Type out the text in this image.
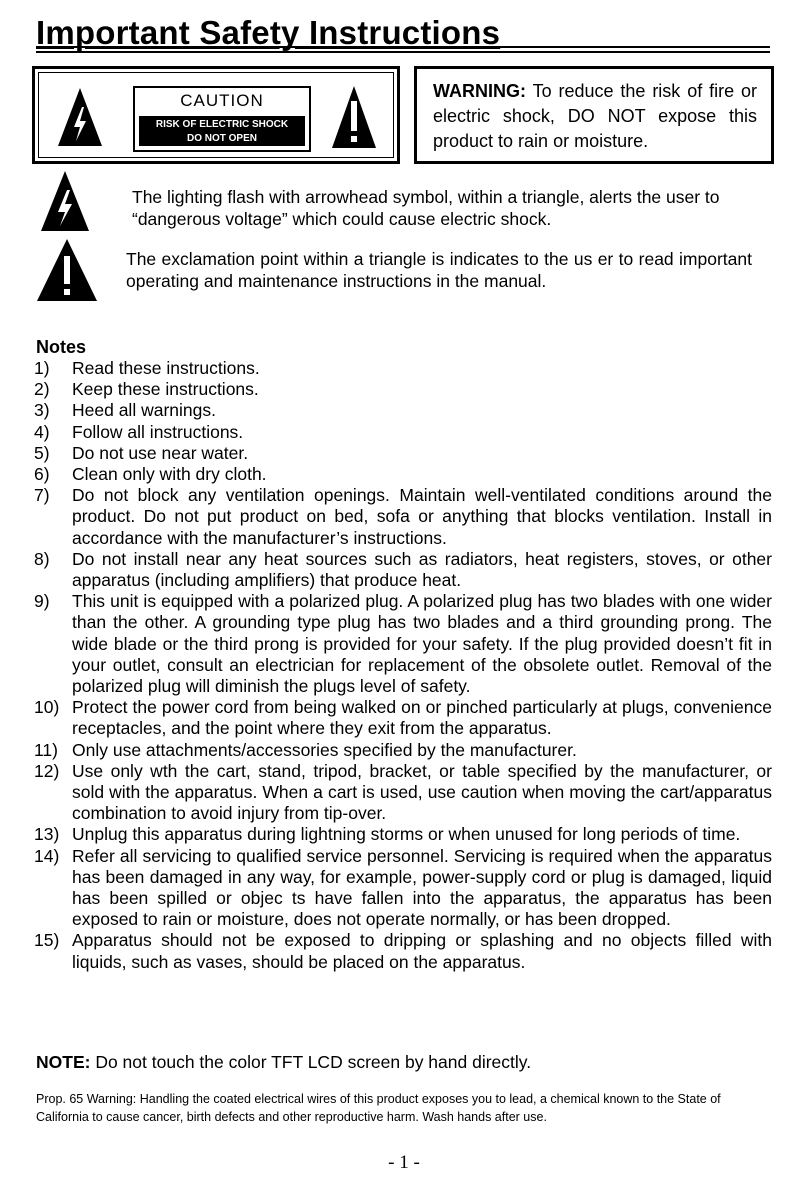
Important Safety Instructions
CAUTION
RISK OF ELECTRIC SHOCK
DO NOT OPEN
WARNING: To reduce the risk of fire or electric shock, DO NOT expose this product to rain or moisture.
The lighting flash with arrowhead symbol, within a triangle, alerts the user to “dangerous voltage” which could cause electric shock.
The exclamation point within a triangle is indicates to the us er to read important operating and maintenance instructions in the manual.
Notes
1)	Read these instructions.
2)	Keep these instructions.
3)	Heed all warnings.
4)	Follow all instructions.
5)	Do not use near water.
6)	Clean only with dry cloth.
7)	Do not block any ventilation openings. Maintain well-ventilated conditions around the product. Do not put product on bed, sofa or anything that blocks ventilation. Install in accordance with the manufacturer’s instructions.
8)	Do not install near any heat sources such as radiators, heat registers, stoves, or other apparatus (including amplifiers) that produce heat.
9)	This unit is equipped with a polarized plug. A polarized plug has two blades with one wider than the other. A grounding type plug has two blades and a third grounding prong. The wide blade or the third prong is provided for your safety. If the plug provided doesn’t fit in your outlet, consult an electrician for replacement of the obsolete outlet. Removal of the polarized plug will diminish the plugs level of safety.
10) Protect the power cord from being walked on or pinched particularly at plugs, convenience receptacles, and the point where they exit from the apparatus.
11) Only use attachments/accessories specified by the manufacturer.
12) Use only wth the cart, stand, tripod, bracket, or table specified by the manufacturer, or sold with the apparatus. When a cart is used, use caution when moving the cart/apparatus combination to avoid injury from tip-over.
13) Unplug this apparatus during lightning storms or when unused for long periods of time.
14) Refer all servicing to qualified service personnel. Servicing is required when the apparatus has been damaged in any way, for example, power-supply cord or plug is damaged, liquid has been spilled or objec ts have fallen into the apparatus, the apparatus has been exposed to rain or moisture, does not operate normally, or has been dropped.
15) Apparatus should not be exposed to dripping or splashing and no objects filled with liquids, such as vases, should be placed on the apparatus.
NOTE: Do not touch the color TFT LCD screen by hand directly.
Prop. 65 Warning: Handling the coated electrical wires of this product exposes you to lead, a chemical known to the State of California to cause cancer, birth defects and other reproductive harm. Wash hands after use.
- 1 -
